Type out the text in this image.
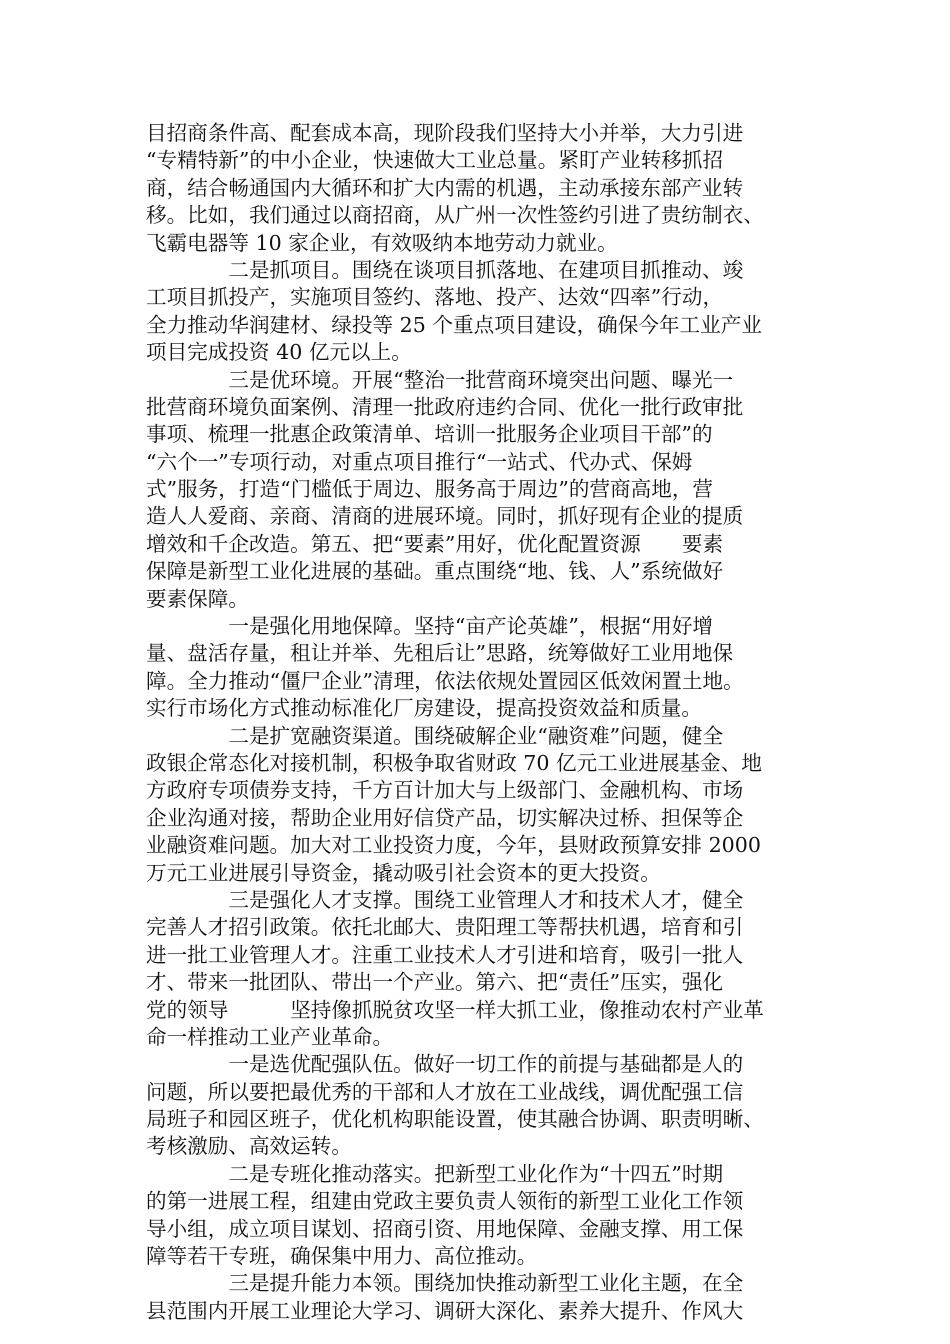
目招商条件高、配套成本高，现阶段我们坚持大小并举，大力引进
“专精特新”的中小企业，快速做大工业总量。紧盯产业转移抓招
商，结合畅通国内大循环和扩大内需的机遇，主动承接东部产业转
移。比如，我们通过以商招商，从广州一次性签约引进了贵纺制衣、
飞霸电器等 10 家企业，有效吸纳本地劳动力就业。
　　　　二是抓项目。围绕在谈项目抓落地、在建项目抓推动、竣
工项目抓投产，实施项目签约、落地、投产、达效“四率”行动，
全力推动华润建材、绿投等 25 个重点项目建设，确保今年工业产业
项目完成投资 40 亿元以上。
　　　　三是优环境。开展“整治一批营商环境突出问题、曝光一
批营商环境负面案例、清理一批政府违约合同、优化一批行政审批
事项、梳理一批惠企政策清单、培训一批服务企业项目干部”的
“六个一”专项行动，对重点项目推行“一站式、代办式、保姆
式”服务，打造“门槛低于周边、服务高于周边”的营商高地，营
造人人爱商、亲商、清商的进展环境。同时，抓好现有企业的提质
增效和千企改造。第五、把“要素”用好，优化配置资源　　要素
保障是新型工业化进展的基础。重点围绕“地、钱、人”系统做好
要素保障。
　　　　一是强化用地保障。坚持“亩产论英雄”，根据“用好增
量、盘活存量，租让并举、先租后让”思路，统筹做好工业用地保
障。全力推动“僵尸企业”清理，依法依规处置园区低效闲置土地。
实行市场化方式推动标准化厂房建设，提高投资效益和质量。
　　　　二是扩宽融资渠道。围绕破解企业“融资难”问题，健全
政银企常态化对接机制，积极争取省财政 70 亿元工业进展基金、地
方政府专项债券支持，千方百计加大与上级部门、金融机构、市场
企业沟通对接，帮助企业用好信贷产品，切实解决过桥、担保等企
业融资难问题。加大对工业投资力度，今年，县财政预算安排 2000
万元工业进展引导资金，撬动吸引社会资本的更大投资。
　　　　三是强化人才支撑。围绕工业管理人才和技术人才，健全
完善人才招引政策。依托北邮大、贵阳理工等帮扶机遇，培育和引
进一批工业管理人才。注重工业技术人才引进和培育，吸引一批人
才、带来一批团队、带出一个产业。第六、把“责任”压实，强化
党的领导　　　坚持像抓脱贫攻坚一样大抓工业，像推动农村产业革
命一样推动工业产业革命。
　　　　一是选优配强队伍。做好一切工作的前提与基础都是人的
问题，所以要把最优秀的干部和人才放在工业战线，调优配强工信
局班子和园区班子，优化机构职能设置，使其融合协调、职责明晰、
考核激励、高效运转。
　　　　二是专班化推动落实。把新型工业化作为“十四五”时期
的第一进展工程，组建由党政主要负责人领衔的新型工业化工作领
导小组，成立项目谋划、招商引资、用地保障、金融支撑、用工保
障等若干专班，确保集中用力、高位推动。
　　　　三是提升能力本领。围绕加快推动新型工业化主题，在全
县范围内开展工业理论大学习、调研大深化、素养大提升、作风大
